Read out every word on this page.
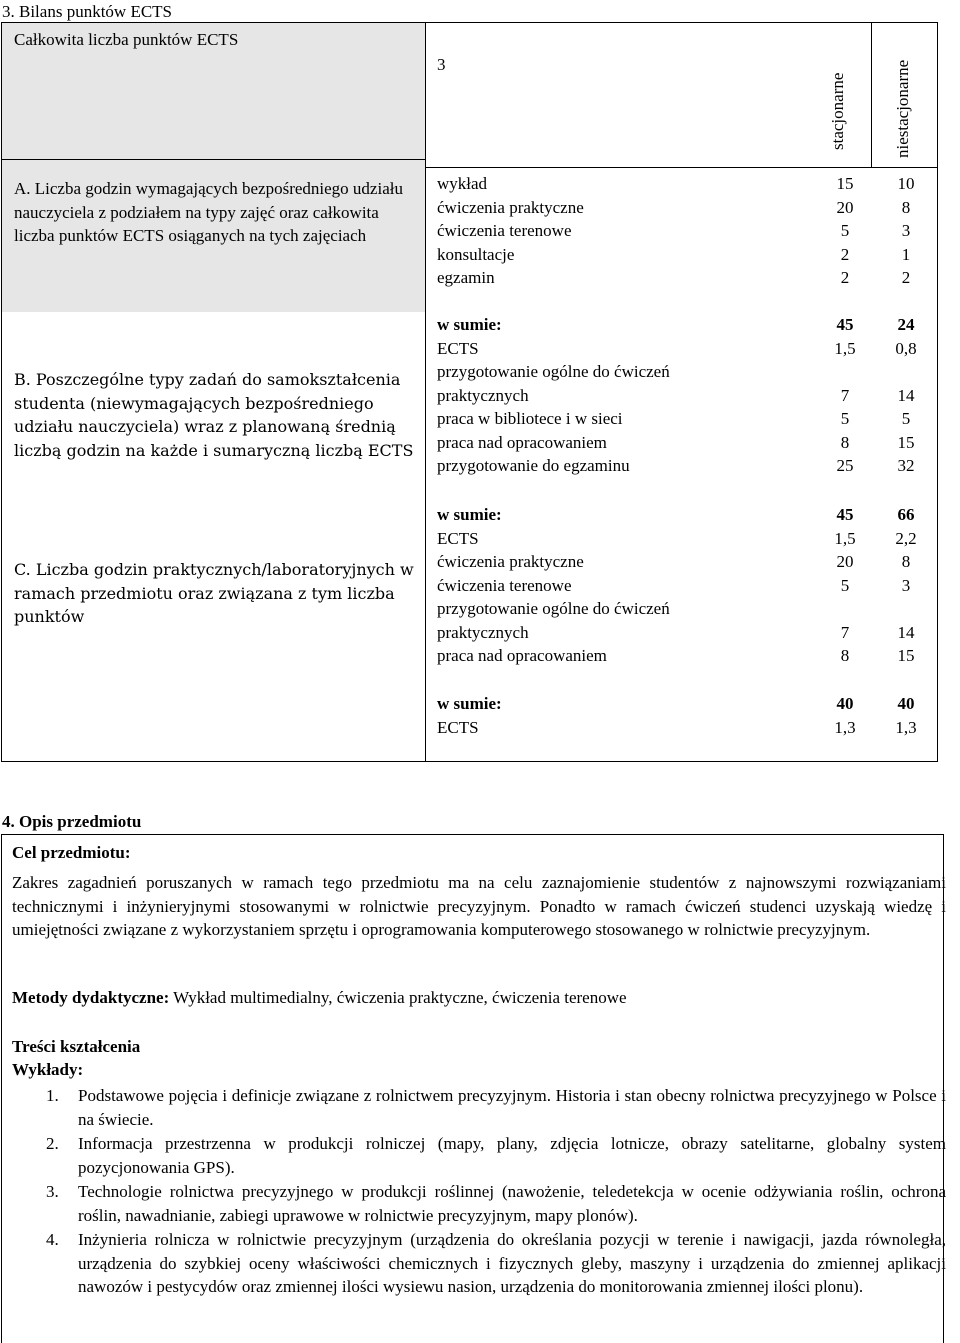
3. Bilans punktów ECTS
Całkowita liczba punktów ECTS
3
stacjonarne	niestacjonarne
A. Liczba godzin wymagających bezpośredniego udziału nauczyciela z podziałem na typy zajęć oraz całkowita liczba punktów ECTS osiąganych na tych zajęciach
wykład
ćwiczenia praktyczne
ćwiczenia terenowe
konsultacje
egzamin
15
20
5
2
2
10
8
3
1
2
w sumie:
ECTS
45
1,5
24
0,8
B. Poszczególne typy zadań do samokształcenia studenta (niewymagających bezpośredniego udziału nauczyciela) wraz z planowaną średnią liczbą godzin na każde i sumaryczną liczbą ECTS
przygotowanie ogólne do ćwiczeń
praktycznych
praca w bibliotece i w sieci
praca nad opracowaniem
przygotowanie do egzaminu

7
5
8
25

14
5
15
32
w sumie:
ECTS
45
1,5
66
2,2
C. Liczba godzin praktycznych/laboratoryjnych w ramach przedmiotu oraz związana z tym liczba punktów
ćwiczenia praktyczne
ćwiczenia terenowe
przygotowanie ogólne do ćwiczeń
praktycznych
praca nad opracowaniem
20
5

7
8
8
3

14
15
w sumie:
ECTS
40
1,3
40
1,3
4. Opis przedmiotu
Cel przedmiotu:
Zakres zagadnień poruszanych w ramach tego przedmiotu ma na celu zaznajomienie studentów z najnowszymi rozwiązaniami technicznymi i inżynieryjnymi stosowanymi w rolnictwie precyzyjnym. Ponadto w ramach ćwiczeń studenci uzyskają wiedzę i umiejętności związane z wykorzystaniem sprzętu i oprogramowania komputerowego stosowanego w rolnictwie precyzyjnym.
Metody dydaktyczne: Wykład multimedialny, ćwiczenia praktyczne, ćwiczenia terenowe
Treści kształcenia
Wykłady:
1. Podstawowe pojęcia i definicje związane z rolnictwem precyzyjnym. Historia i stan obecny rolnictwa precyzyjnego w Polsce i na świecie.
2. Informacja przestrzenna w produkcji rolniczej (mapy, plany, zdjęcia lotnicze, obrazy satelitarne, globalny system pozycjonowania GPS).
3. Technologie rolnictwa precyzyjnego w produkcji roślinnej (nawożenie, teledetekcja w ocenie odżywiania roślin, ochrona roślin, nawadnianie, zabiegi uprawowe w rolnictwie precyzyjnym, mapy plonów).
4. Inżynieria rolnicza w rolnictwie precyzyjnym (urządzenia do określania pozycji w terenie i nawigacji, jazda równoległa, urządzenia do szybkiej oceny właściwości chemicznych i fizycznych gleby, maszyny i urządzenia do zmiennej aplikacji nawozów i pestycydów oraz zmiennej ilości wysiewu nasion, urządzenia do monitorowania zmiennej ilości plonu).
